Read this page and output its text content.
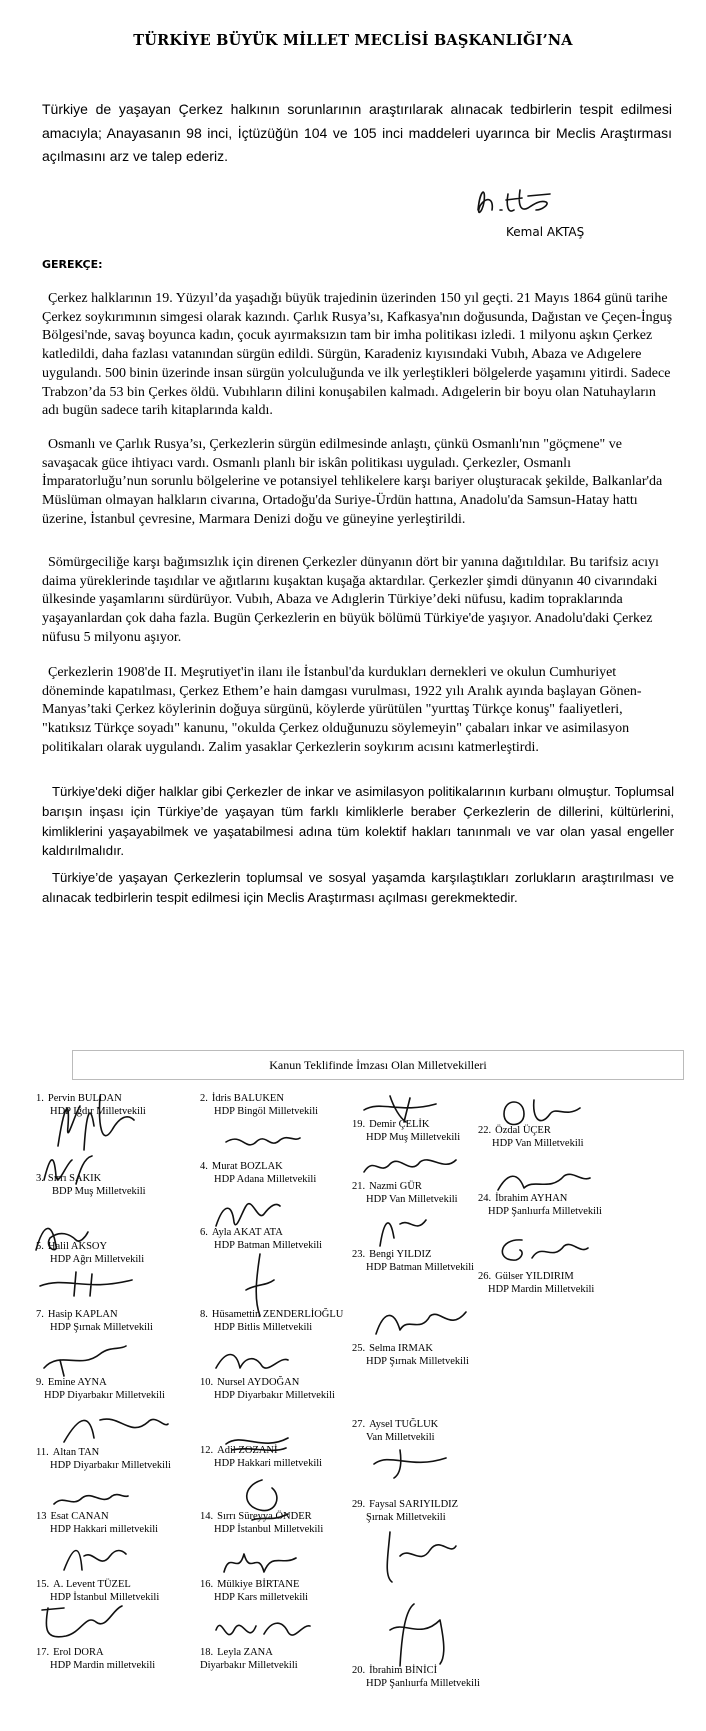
TÜRKİYE BÜYÜK MİLLET MECLİSİ BAŞKANLIĞI’NA

Türkiye de yaşayan Çerkez halkının sorunlarının araştırılarak alınacak tedbirlerin tespit edilmesi amacıyla; Anayasanın 98 inci, İçtüzüğün 104 ve 105 inci maddeleri uyarınca bir Meclis Araştırması açılmasını arz ve talep ederiz.

Kemal AKTAŞ
GEREKÇE:

Çerkez halklarının 19. Yüzyıl’da yaşadığı büyük trajedinin üzerinden 150 yıl geçti. 21 Mayıs 1864 günü tarihe Çerkez soykırımının simgesi olarak kazındı. Çarlık Rusya’sı, Kafkasya'nın doğusunda, Dağıstan ve Çeçen-İnguş Bölgesi'nde, savaş boyunca kadın, çocuk ayırmaksızın tam bir imha politikası izledi. 1 milyonu aşkın Çerkez katledildi, daha fazlası vatanından sürgün edildi. Sürgün, Karadeniz kıyısındaki Vubıh, Abaza ve Adıgelere uygulandı. 500 binin üzerinde insan sürgün yolculuğunda ve ilk yerleştikleri bölgelerde yaşamını yitirdi. Sadece Trabzon’da 53 bin Çerkes öldü. Vubıhların dilini konuşabilen kalmadı. Adıgelerin bir boyu olan Natuhayların adı bugün sadece tarih kitaplarında kaldı.

Osmanlı ve Çarlık Rusya’sı, Çerkezlerin sürgün edilmesinde anlaştı, çünkü Osmanlı'nın "göçmene" ve savaşacak güce ihtiyacı vardı. Osmanlı planlı bir iskân politikası uyguladı. Çerkezler, Osmanlı İmparatorluğu’nun sorunlu bölgelerine ve potansiyel tehlikelere karşı bariyer oluşturacak şekilde, Balkanlar'da Müslüman olmayan halkların civarına, Ortadoğu'da Suriye-Ürdün hattına, Anadolu'da Samsun-Hatay hattı üzerine, İstanbul çevresine, Marmara Denizi doğu ve güneyine yerleştirildi.

Sömürgeciliğe karşı bağımsızlık için direnen Çerkezler dünyanın dört bir yanına dağıtıldılar. Bu tarifsiz acıyı daima yüreklerinde taşıdılar ve ağıtlarını kuşaktan kuşağa aktardılar. Çerkezler şimdi dünyanın 40 civarındaki ülkesinde yaşamlarını sürdürüyor. Vubıh, Abaza ve Adıglerin Türkiye’deki nüfusu, kadim topraklarında yaşayanlardan çok daha fazla. Bugün Çerkezlerin en büyük bölümü Türkiye'de yaşıyor. Anadolu'daki Çerkez nüfusu 5 milyonu aşıyor.

Çerkezlerin 1908'de II. Meşrutiyet'in ilanı ile İstanbul'da kurdukları dernekleri ve okulun Cumhuriyet döneminde kapatılması, Çerkez Ethem’e hain damgası vurulması, 1922 yılı Aralık ayında başlayan Gönen-Manyas’taki Çerkez köylerinin doğuya sürgünü, köylerde yürütülen "yurttaş Türkçe konuş" faaliyetleri, "katıksız Türkçe soyadı" kanunu, "okulda Çerkez olduğunuzu söylemeyin" çabaları inkar ve asimilasyon politikaları olarak uygulandı. Zalim yasaklar Çerkezlerin soykırım acısını katmerleştirdi.

Türkiye'deki diğer halklar gibi Çerkezler de inkar ve asimilasyon politikalarının kurbanı olmuştur. Toplumsal barışın inşası için Türkiye’de yaşayan tüm farklı kimliklerle beraber Çerkezlerin de dillerini, kültürlerini, kimliklerini yaşayabilmek ve yaşatabilmesi adına tüm kolektif hakları tanınmalı ve var olan yasal engeller kaldırılmalıdır.

Türkiye’de yaşayan Çerkezlerin toplumsal ve sosyal yaşamda karşılaştıkları zorlukların araştırılması ve alınacak tedbirlerin tespit edilmesi için Meclis Araştırması açılması gerekmektedir.

Kanun Teklifinde İmzası Olan Milletvekilleri
1. Pervin BULDAN
HDP Iğdır Milletvekili
3. Sırrı SAKIK
BDP Muş Milletvekili
5. Halil AKSOY
HDP Ağrı Milletvekili
7. Hasip KAPLAN
HDP Şırnak Milletvekili
9. Emine AYNA
HDP Diyarbakır Milletvekili
11. Altan TAN
HDP Diyarbakır Milletvekili
13 Esat CANAN
HDP Hakkari milletvekili
15. A. Levent TÜZEL
HDP İstanbul Milletvekili
17. Erol DORA
HDP Mardin milletvekili
2. İdris BALUKEN
HDP Bingöl Milletvekili
4. Murat BOZLAK
HDP Adana Milletvekili
6. Ayla AKAT ATA
HDP Batman Milletvekili
8. Hüsamettin ZENDERLİOĞLU
HDP Bitlis Milletvekili
10. Nursel AYDOĞAN
HDP Diyarbakır Milletvekili
12. Adil ZOZANİ
HDP Hakkari milletvekili
14. Sırrı Süreyya ÖNDER
HDP İstanbul Milletvekili
16. Mülkiye BİRTANE
HDP Kars milletvekili
18. Leyla ZANA
Diyarbakır Milletvekili
19. Demir ÇELİK
HDP Muş Milletvekili
21. Nazmi GÜR
HDP Van Milletvekili
23. Bengi YILDIZ
HDP Batman Milletvekili
25. Selma IRMAK
HDP Şırnak Milletvekili
27. Aysel TUĞLUK
Van Milletvekili
29. Faysal SARIYILDIZ
Şırnak Milletvekili
20. İbrahim BİNİCİ
HDP Şanlıurfa Milletvekili
22. Özdal ÜÇER
HDP Van Milletvekili
24. İbrahim AYHAN
HDP Şanlıurfa Milletvekili
26. Gülser YILDIRIM
HDP Mardin Milletvekili
